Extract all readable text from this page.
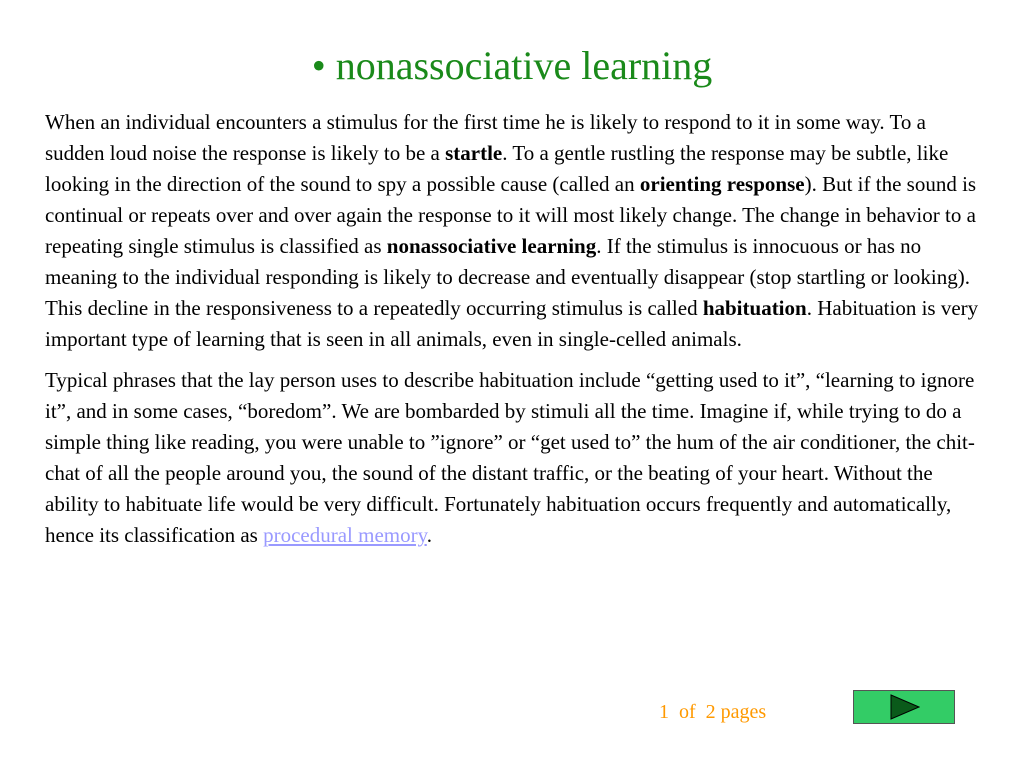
• nonassociative learning

When an individual encounters a stimulus for the first time he is likely to respond to it in some way. To a sudden loud noise the response is likely to be a startle. To a gentle rustling the response may be subtle, like looking in the direction of the sound to spy a possible cause (called an orienting response). But if the sound is continual or repeats over and over again the response to it will most likely change. The change in behavior to a repeating single stimulus is classified as nonassociative learning. If the stimulus is innocuous or has no meaning to the individual responding is likely to decrease and eventually disappear (stop startling or looking). This decline in the responsiveness to a repeatedly occurring stimulus is called habituation. Habituation is very important type of learning that is seen in all animals, even in single-celled animals.

Typical phrases that the lay person uses to describe habituation include “getting used to it”, “learning to ignore it”, and in some cases, “boredom”. We are bombarded by stimuli all the time. Imagine if, while trying to do a simple thing like reading, you were unable to ”ignore” or “get used to” the hum of the air conditioner, the chit-chat of all the people around you, the sound of the distant traffic, or the beating of your heart. Without the ability to habituate life would be very difficult. Fortunately habituation occurs frequently and automatically, hence its classification as procedural memory.

1 of 2 pages
